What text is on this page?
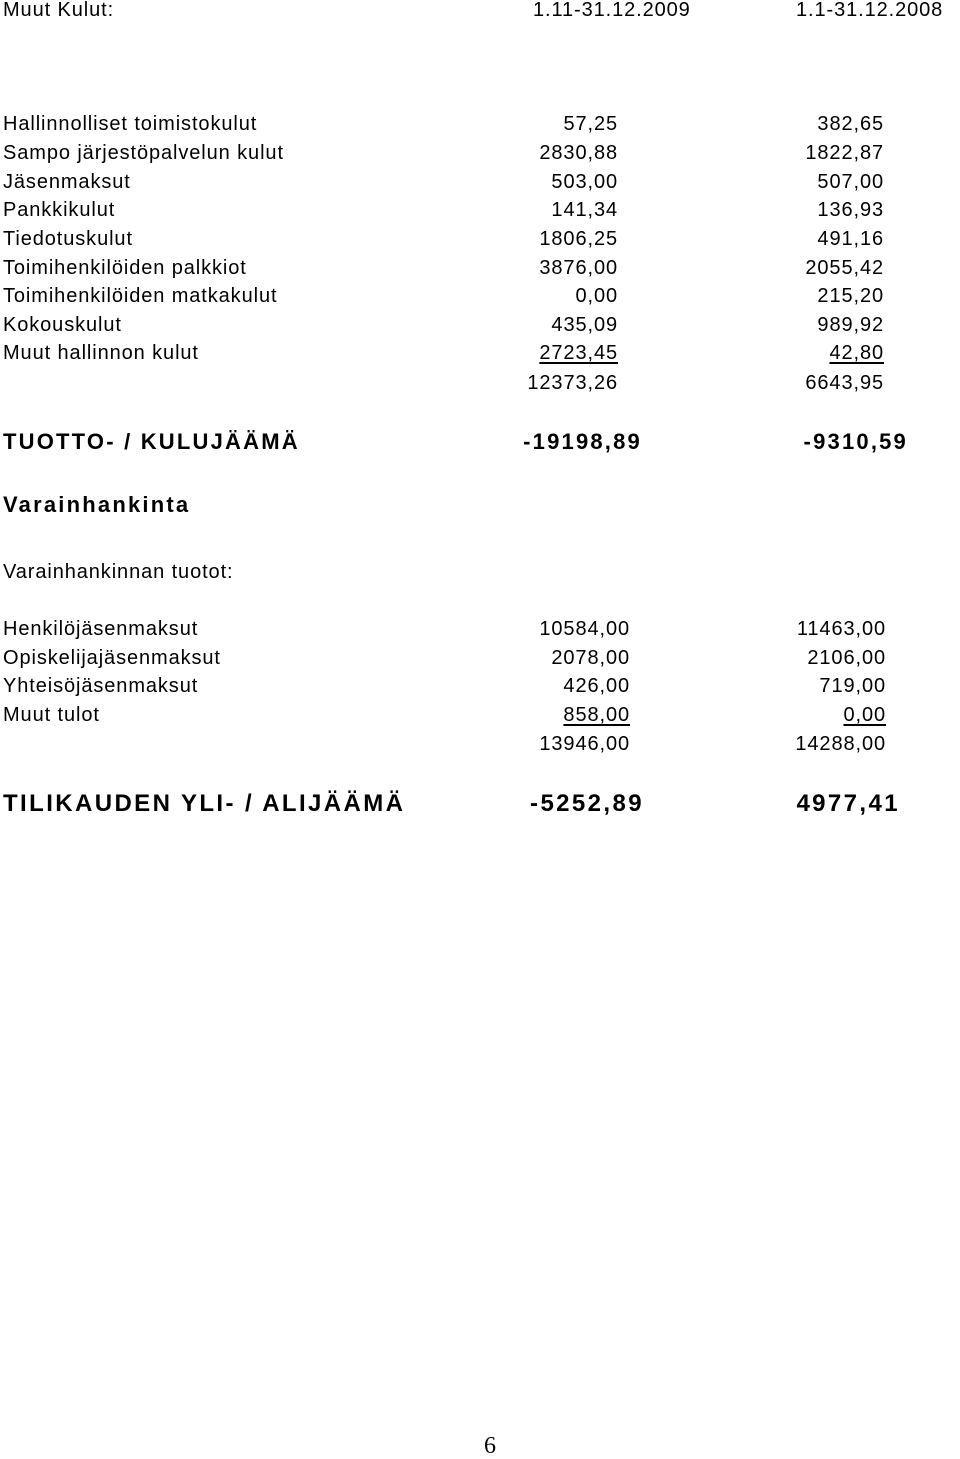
Muut Kulut:	1.11-31.12.2009	1.1-31.12.2008
Hallinnolliset toimistokulut	57,25	382,65
Sampo järjestöpalvelun kulut	2830,88	1822,87
Jäsenmaksut	503,00	507,00
Pankkikulut	141,34	136,93
Tiedotuskulut	1806,25	491,16
Toimihenkilöiden palkkiot	3876,00	2055,42
Toimihenkilöiden matkakulut	0,00	215,20
Kokouskulut	435,09	989,92
Muut hallinnon kulut	2723,45	42,80
12373,26	6643,95
TUOTTO- / KULUJÄÄMÄ	-19198,89	-9310,59
Varainhankinta
Varainhankinnan tuotot:
Henkilöjäsenmaksut	10584,00	11463,00
Opiskelijajäsenmaksut	2078,00	2106,00
Yhteisöjäsenmaksut	426,00	719,00
Muut tulot	858,00	0,00
13946,00	14288,00
TILIKAUDEN YLI- / ALIJÄÄMÄ	-5252,89	4977,41
6
